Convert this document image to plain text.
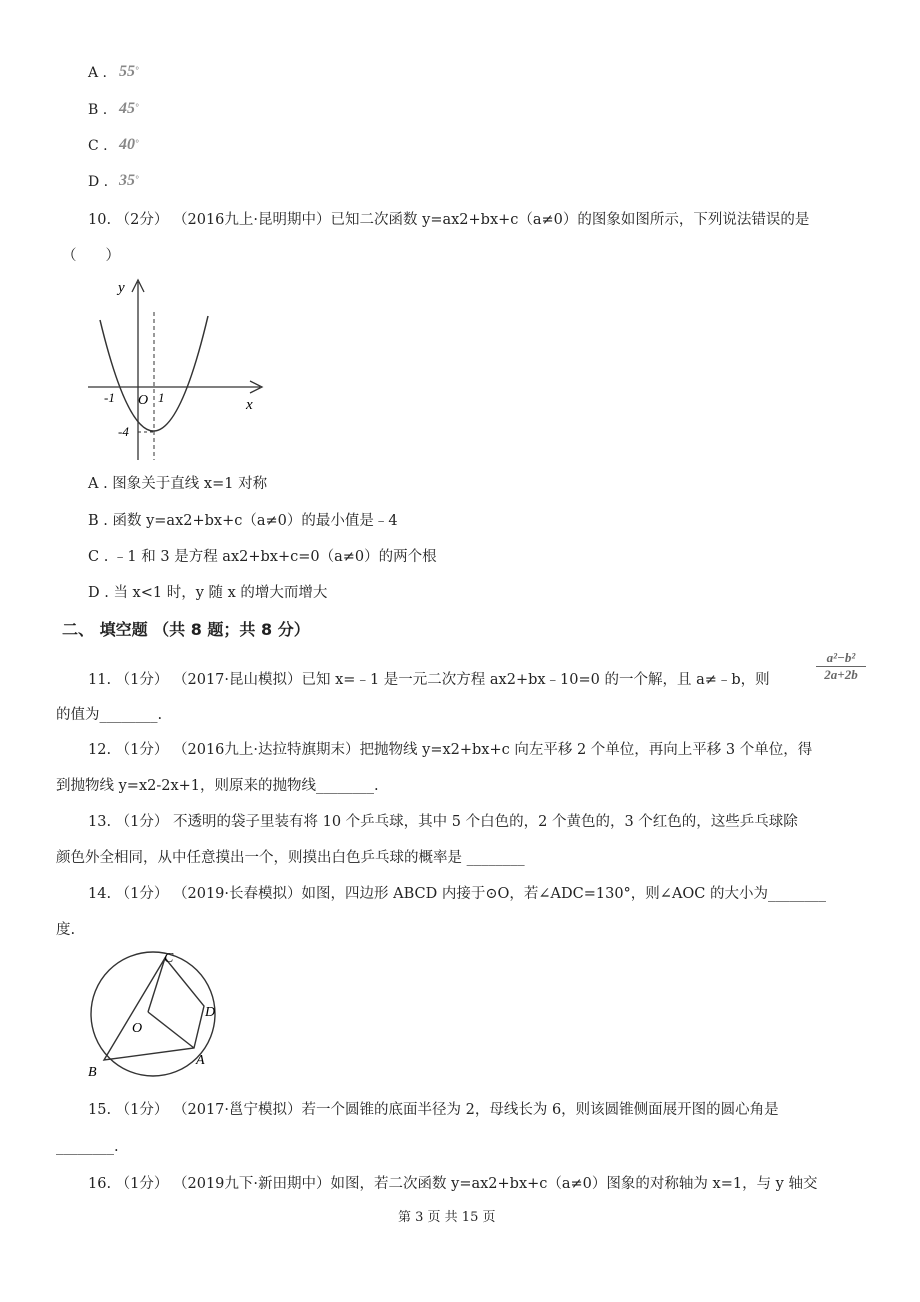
A . 55°
B . 45°
C . 40°
D . 35°
10. （2分） （2016九上·昆明期中）已知二次函数 y=ax2+bx+c（a≠0）的图象如图所示，下列说法错误的是
（　　）
y
x
O
-1	1
-4
A . 图象关于直线 x=1 对称
B . 函数 y=ax2+bx+c（a≠0）的最小值是﹣4
C . ﹣1 和 3 是方程 ax2+bx+c=0（a≠0）的两个根
D . 当 x<1 时，y 随 x 的增大而增大
二、 填空题 （共 8 题；共 8 分）
11. （1分） （2017·昆山模拟）已知 x=﹣1 是一元二次方程 ax2+bx﹣10=0 的一个解，且 a≠﹣b，则
a²−b²
2a+2b
的值为________.
12. （1分） （2016九上·达拉特旗期末）把抛物线 y=x2+bx+c 向左平移 2 个单位，再向上平移 3 个单位，得
到抛物线 y=x2-2x+1，则原来的抛物线________.
13. （1分） 不透明的袋子里装有将 10 个乒乓球，其中 5 个白色的，2 个黄色的，3 个红色的，这些乒乓球除
颜色外全相同，从中任意摸出一个，则摸出白色乒乓球的概率是 ________
14. （1分） （2019·长春模拟）如图，四边形 ABCD 内接于⊙O，若∠ADC=130°，则∠AOC 的大小为________
度.
C
D
O
A
B
15. （1分） （2017·邕宁模拟）若一个圆锥的底面半径为 2，母线长为 6，则该圆锥侧面展开图的圆心角是
________.
16. （1分） （2019九下·新田期中）如图，若二次函数 y=ax2+bx+c（a≠0）图象的对称轴为 x=1，与 y 轴交
第 3 页 共 15 页
